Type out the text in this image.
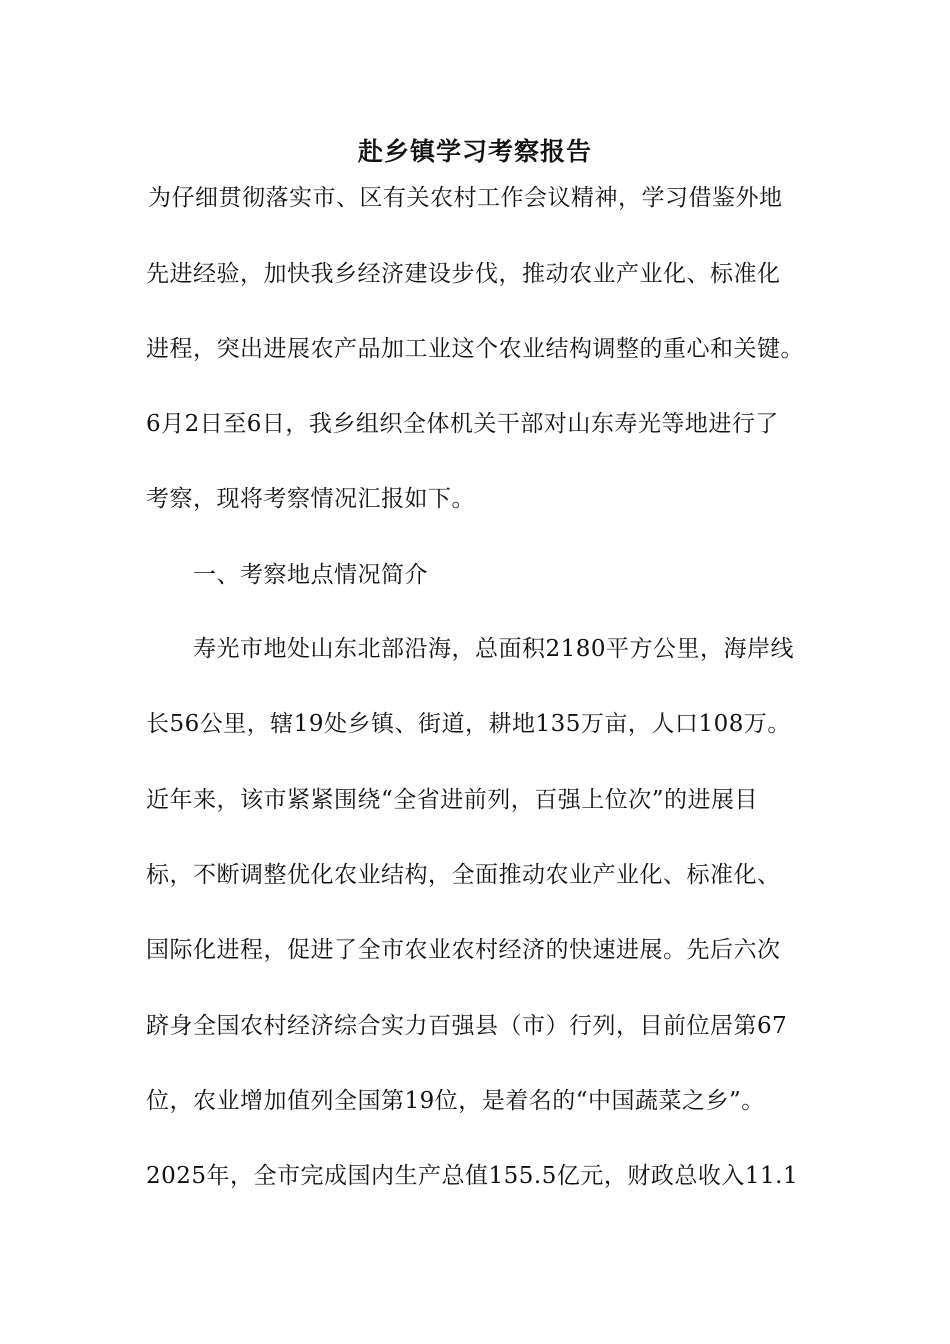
赴乡镇学习考察报告
为仔细贯彻落实市、区有关农村工作会议精神，学习借鉴外地
先进经验，加快我乡经济建设步伐，推动农业产业化、标准化
进程，突出进展农产品加工业这个农业结构调整的重心和关键。
6月2日至6日，我乡组织全体机关干部对山东寿光等地进行了
考察，现将考察情况汇报如下。
一、考察地点情况简介
寿光市地处山东北部沿海，总面积2180平方公里，海岸线
长56公里，辖19处乡镇、街道，耕地135万亩，人口108万。
近年来，该市紧紧围绕“全省进前列，百强上位次”的进展目
标，不断调整优化农业结构，全面推动农业产业化、标准化、
国际化进程，促进了全市农业农村经济的快速进展。先后六次
跻身全国农村经济综合实力百强县（市）行列，目前位居第67
位，农业增加值列全国第19位，是着名的“中国蔬菜之乡”。
2025年，全市完成国内生产总值155.5亿元，财政总收入11.1
